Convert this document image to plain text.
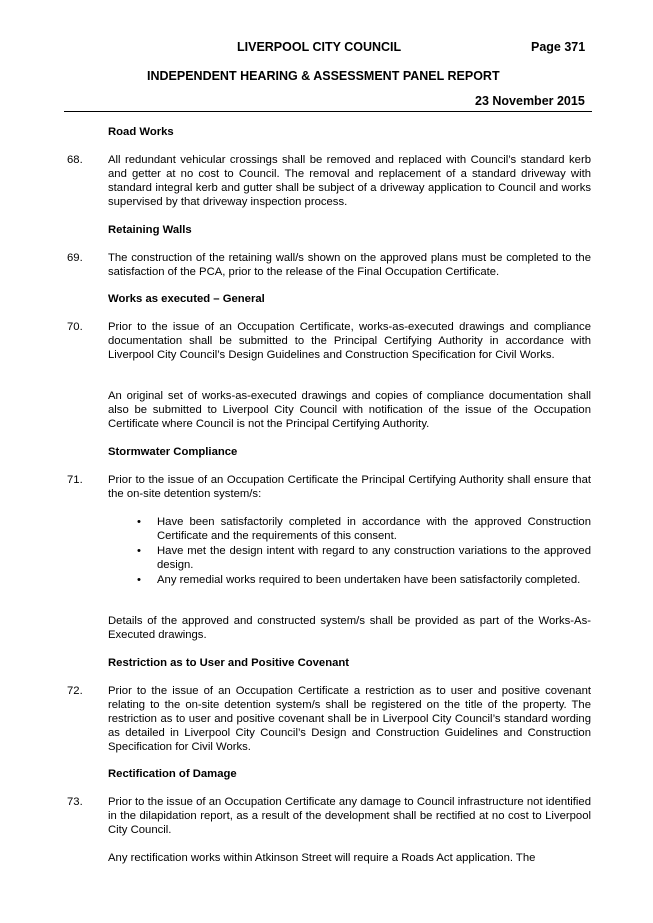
LIVERPOOL CITY COUNCIL	Page 371
INDEPENDENT HEARING & ASSESSMENT PANEL REPORT
23 November 2015
Road Works
68. All redundant vehicular crossings shall be removed and replaced with Council’s standard kerb and getter at no cost to Council. The removal and replacement of a standard driveway with standard integral kerb and gutter shall be subject of a driveway application to Council and works supervised by that driveway inspection process.
Retaining Walls
69. The construction of the retaining wall/s shown on the approved plans must be completed to the satisfaction of the PCA, prior to the release of the Final Occupation Certificate.
Works as executed – General
70. Prior to the issue of an Occupation Certificate, works-as-executed drawings and compliance documentation shall be submitted to the Principal Certifying Authority in accordance with Liverpool City Council’s Design Guidelines and Construction Specification for Civil Works.
An original set of works-as-executed drawings and copies of compliance documentation shall also be submitted to Liverpool City Council with notification of the issue of the Occupation Certificate where Council is not the Principal Certifying Authority.
Stormwater Compliance
71. Prior to the issue of an Occupation Certificate the Principal Certifying Authority shall ensure that the on-site detention system/s:
• Have been satisfactorily completed in accordance with the approved Construction Certificate and the requirements of this consent.
• Have met the design intent with regard to any construction variations to the approved design.
• Any remedial works required to been undertaken have been satisfactorily completed.
Details of the approved and constructed system/s shall be provided as part of the Works-As-Executed drawings.
Restriction as to User and Positive Covenant
72. Prior to the issue of an Occupation Certificate a restriction as to user and positive covenant relating to the on-site detention system/s shall be registered on the title of the property. The restriction as to user and positive covenant shall be in Liverpool City Council’s standard wording as detailed in Liverpool City Council’s Design and Construction Guidelines and Construction Specification for Civil Works.
Rectification of Damage
73. Prior to the issue of an Occupation Certificate any damage to Council infrastructure not identified in the dilapidation report, as a result of the development shall be rectified at no cost to Liverpool City Council.
Any rectification works within Atkinson Street will require a Roads Act application. The
